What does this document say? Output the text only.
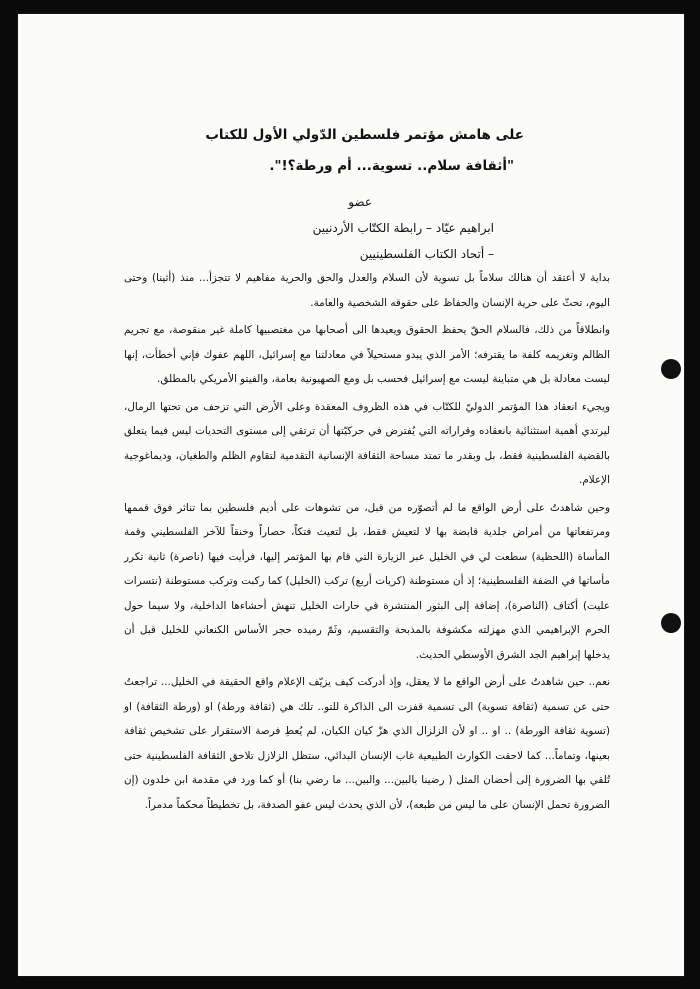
على هامش مؤتمر فلسطين الدّولي الأول للكتاب
"أثقافة سلام.. تسوية... أم ورطة؟!".
عضو
ابراهيم عيّاد – رابطة الكتّاب الأردنيين
– أتحاد الكتاب الفلسطينيين

بداية لا أعتقد أن هنالك سلاماً بل تسوية لأن السلام والعدل والحق والحرية مفاهيم لا تتجزأ... منذ (أثينا) وحتى اليوم، تحثّ على حرية الإنسان والحفاظ على حقوقه الشخصية والعامة.

وانطلاقاً من ذلك، فالسلام الحقّ يحفظ الحقوق ويعيدها الى أصحابها من مغتصبيها كاملة غير منقوصة، مع تجريم الظالم وتغريمه كلفة ما يقترفه؛ الأمر الذي يبدو مستحيلاً في معادلتنا مع إسرائيل، اللهم عفوك فإني أخطأت، إنها ليست معادلة بل هي متباينة ليست مع إسرائيل فحسب بل ومع الصهيونية بعامة، والفيتو الأمريكي بالمطلق.

ويجيء انعقاد هذا المؤتمر الدوليّ للكتّاب في هذه الظروف المعقدة وعلى الأرض التي تزحف من تحتها الرمال، ليرتدي أهمية استثنائية بانعقاده وقراراته التي يُفترض في حركيّتها أن ترتقي إلى مستوى التحديات ليس فيما يتعلق بالقضية الفلسطينية فقط، بل وبقدر ما تمتد مساحة الثقافة الإنسانية التقدمية لتقاوم الظلم والطغيان، وديماغوجية الإعلام.

وحين شاهدتُ على أرض الواقع ما لم أتصوّره من قبل، من تشوهات على أديم فلسطين بما تناثر فوق قممها ومرتفعاتها من أمراض جلدية قابضة بها لا لتعيش فقط، بل لتعيث فتكاً، حصاراً وخنقاً للآخر الفلسطيني وقمة المأساة (اللحظية) سطعت لي في الخليل عبر الزيارة التي قام بها المؤتمر إليها، فرأيت فيها (ناصرة) ثانية تكرر مأساتها في الضفة الفلسطينية؛ إذ أن مستوطنة (كريات أربع) تركب (الخليل) كما ركبت وتركب مستوطنة (نتسرات عليت) أكتاف (الناصرة)، إضافة إلى البثور المنتشرة في حارات الخليل تنهش أحشاءها الداخلية، ولا سيما حول الحرم الإبراهيمي الذي مهزلته مكشوفة بالمذبحة والتقسيم، وثَمّ رميده حجر الأساس الكنعاني للخليل قبل أن يدخلها إبراهيم الجد الشرق الأوسطي الحديث.

نعم.. حين شاهدتُ على أرض الواقع ما لا يعقل، وإذ أدركت كيف يزيّف الإعلام واقع الحقيقة في الخليل... تراجعتُ حتى عن تسمية (ثقافة تسوية) الى تسمية قفزت الى الذاكرة للتو.. تلك هي (ثقافة ورطة) او (ورطة الثقافة) او (تسوية ثقافة الورطة) .. او .. او لأن الزلزال الذي هزّ كيان الكيان، لم يُعطِ فرصة الاستقرار على تشخيص ثقافة بعينها، وتماماً... كما لاحقت الكوارث الطبيعية غاب الإنسان البدائي، ستظل الزلازل تلاحق الثقافة الفلسطينية حتى تُلقي بها الضرورة إلى أحضان المثل ( رضينا بالبين... والبين... ما رضي بنا) أو كما ورد في مقدمة ابن خلدون (إن الضرورة تحمل الإنسان على ما ليس من طبعه)، لأن الذي يحدث ليس عفو الصدفة، بل تخطيطاً محكماً مدمراً.
